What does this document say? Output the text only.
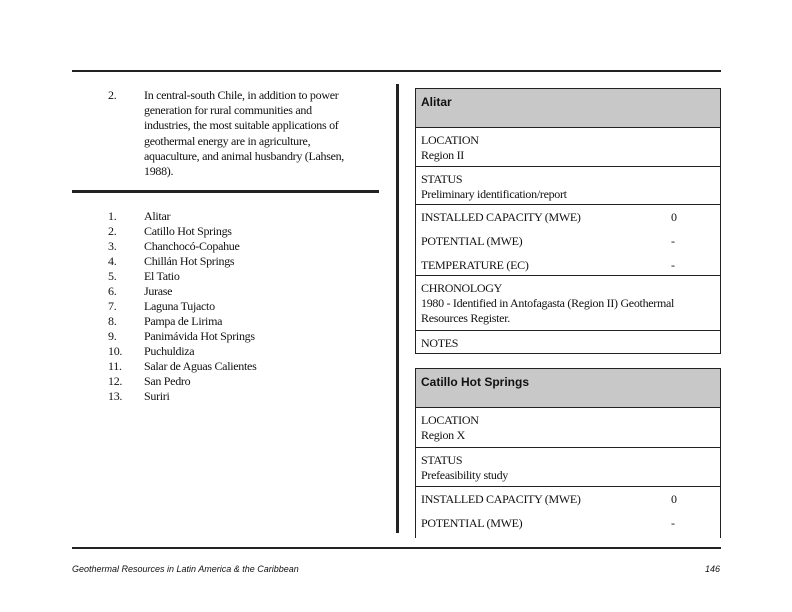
2. In central-south Chile, in addition to power generation for rural communities and industries, the most suitable applications of geothermal energy are in agriculture, aquaculture, and animal husbandry (Lahsen, 1988).
1. Alitar
2. Catillo Hot Springs
3. Chanchocó-Copahue
4. Chillán Hot Springs
5. El Tatio
6. Jurase
7. Laguna Tujacto
8. Pampa de Lirima
9. Panimávida Hot Springs
10. Puchuldiza
11. Salar de Aguas Calientes
12. San Pedro
13. Suriri
Alitar
LOCATION
Region II
STATUS
Preliminary identification/report
INSTALLED CAPACITY (MWE)	0
POTENTIAL (MWE)	-
TEMPERATURE (EC)	-
CHRONOLOGY
1980 - Identified in Antofagasta (Region II) Geothermal Resources Register.
NOTES
Catillo Hot Springs
LOCATION
Region X
STATUS
Prefeasibility study
INSTALLED CAPACITY (MWE)	0
POTENTIAL (MWE)	-
Geothermal Resources in Latin America & the Caribbean	146
